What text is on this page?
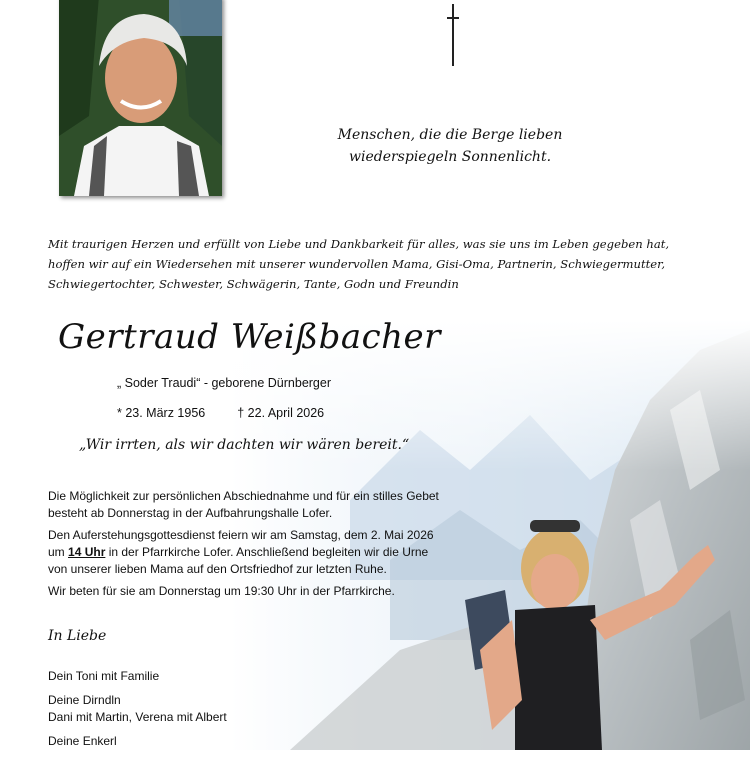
Menschen, die die Berge lieben
wiederspiegeln Sonnenlicht.
Mit traurigen Herzen und erfüllt von Liebe und Dankbarkeit für alles, was sie uns im Leben gegeben hat,
hoffen wir auf ein Wiedersehen mit unserer wundervollen Mama, Gisi-Oma, Partnerin, Schwiegermutter,
Schwiegertochter, Schwester, Schwägerin, Tante, Godn und Freundin
Gertraud Weißbacher
„ Soder Traudi“ - geborene Dürnberger
* 23. März 1956	† 22. April 2026
„Wir irrten, als wir dachten wir wären bereit.“

Die Möglichkeit zur persönlichen Abschiednahme und für ein stilles Gebet
besteht ab Donnerstag in der Aufbahrungshalle Lofer.

Den Auferstehungsgottesdienst feiern wir am Samstag, dem 2. Mai 2026
um 14 Uhr in der Pfarrkirche Lofer. Anschließend begleiten wir die Urne
von unserer lieben Mama auf den Ortsfriedhof zur letzten Ruhe.

Wir beten für sie am Donnerstag um 19:30 Uhr in der Pfarrkirche.

In Liebe

Dein Toni mit Familie

Deine Dirndln
Dani mit Martin, Verena mit Albert

Deine Enkerl
